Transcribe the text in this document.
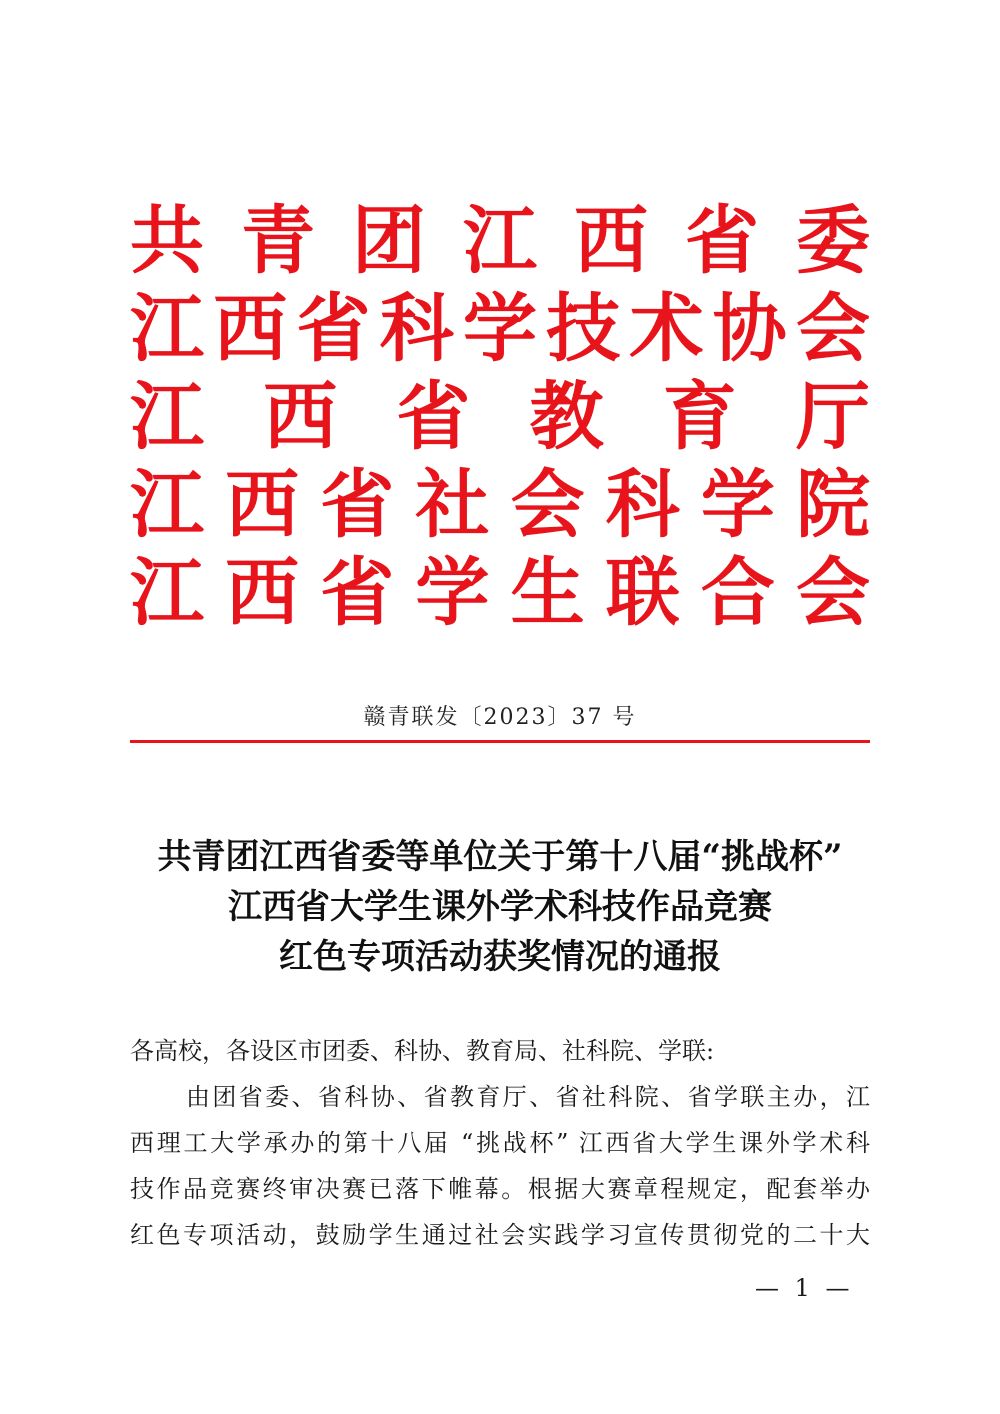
共 青 团 江 西 省 委
江 西 省 科 学 技 术 协 会
江 西 省 教 育 厅
江 西 省 社 会 科 学 院
江 西 省 学 生 联 合 会
赣青联发〔2023〕37 号
共青团江西省委等单位关于第十八届“挑战杯”
江西省大学生课外学术科技作品竞赛
红色专项活动获奖情况的通报
各高校，各设区市团委、科协、教育局、社科院、学联:
由团省委、省科协、省教育厅、省社科院、省学联主办，江
西理工大学承办的第十八届 “挑战杯” 江西省大学生课外学术科
技作品竞赛终审决赛已落下帷幕。根据大赛章程规定，配套举办
红色专项活动，鼓励学生通过社会实践学习宣传贯彻党的二十大
— 1 —
